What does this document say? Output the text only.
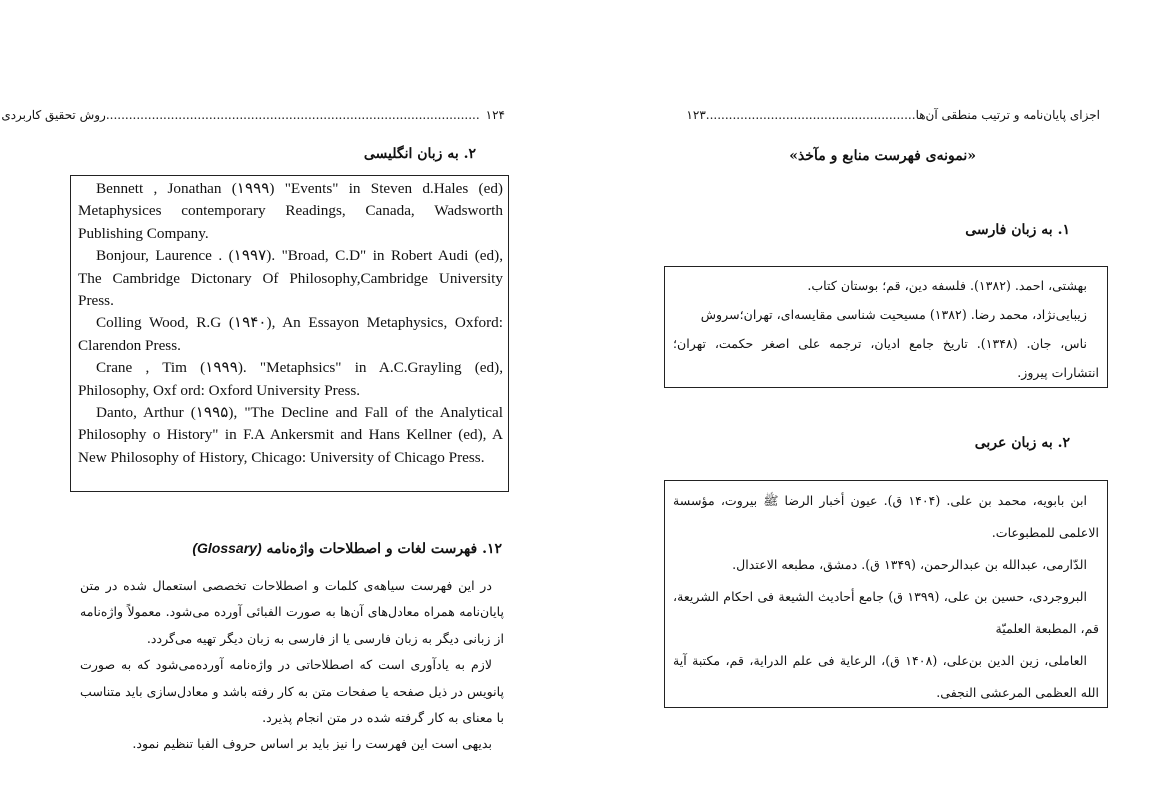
۱۲۴..................................................................................................روش تحقیق کاربردی
۲. به زبان انگلیسی
Bennett , Jonathan (۱۹۹۹) "Events" in Steven d.Hales (ed) Metaphysices contemporary Readings, Canada, Wadsworth Publishing Company.
Bonjour, Laurence . (۱۹۹۷). "Broad, C.D" in Robert Audi (ed), The Cambridge Dictonary Of Philosophy,Cambridge University Press.
Colling Wood, R.G (۱۹۴۰), An Essayon Metaphysics, Oxford: Clarendon Press.
Crane , Tim (۱۹۹۹). "Metaphsics" in A.C.Grayling (ed), Philosophy, Oxf ord: Oxford University Press.
Danto, Arthur (۱۹۹۵), "The Decline and Fall of the Analytical Philosophy o History" in F.A Ankersmit and Hans Kellner (ed), A New Philosophy of History, Chicago: University of Chicago Press.
۱۲. فهرست لغات و اصطلاحات واژه‌نامه (Glossary)

در این فهرست سیاهه‌ی کلمات و اصطلاحات تخصصی استعمال شده در متن پایان‌نامه همراه معادل‌های آن‌ها به صورت الفبائی آورده می‌شود. معمولاً واژه‌نامه از زبانی دیگر به زبان فارسی یا از فارسی به زبان دیگر تهیه می‌گردد.

لازم به یادآوری است که اصطلاحاتی در واژه‌نامه آورده‌می‌شود که به صورت پانویس در ذیل صفحه یا صفحات متن به کار رفته باشد و معادل‌سازی باید متناسب با معنای به کار گرفته شده در متن انجام پذیرد.

بدیهی است این فهرست را نیز باید بر اساس حروف الفبا تنظیم نمود.

اجزای پایان‌نامه و ترتیب منطقی آن‌ها.......................................................۱۲۳
«نمونه‌ی فهرست منابع و مآخذ»
۱. به زبان فارسی
بهشتی، احمد. (۱۳۸۲). فلسفه دین، قم؛ بوستان کتاب.
زیبایی‌نژاد، محمد رضا. (۱۳۸۲) مسیحیت شناسی مقایسه‌ای، تهران؛سروش
ناس، جان. (۱۳۴۸). تاریخ جامع ادیان، ترجمه علی اصغر حکمت، تهران؛ انتشارات پیروز.
۲. به زبان عربی
ابن بابویه، محمد بن علی. (۱۴۰۴ ق). عیون أخبار الرضا ﷺ بیروت، مؤسسة الاعلمی للمطبوعات.
الدّارمی، عبدالله بن عبدالرحمن، (۱۳۴۹ ق). دمشق، مطبعه الاعتدال.
البروجردی، حسین بن علی، (۱۳۹۹ ق) جامع أحادیث الشیعة فی احکام الشریعة، قم، المطبعة العلمیّة
العاملی، زین الدین بن‌علی، (۱۴۰۸ ق)، الرعایة فی علم الدرایة، قم، مکتبة آیة الله العظمی المرعشی النجفی.
